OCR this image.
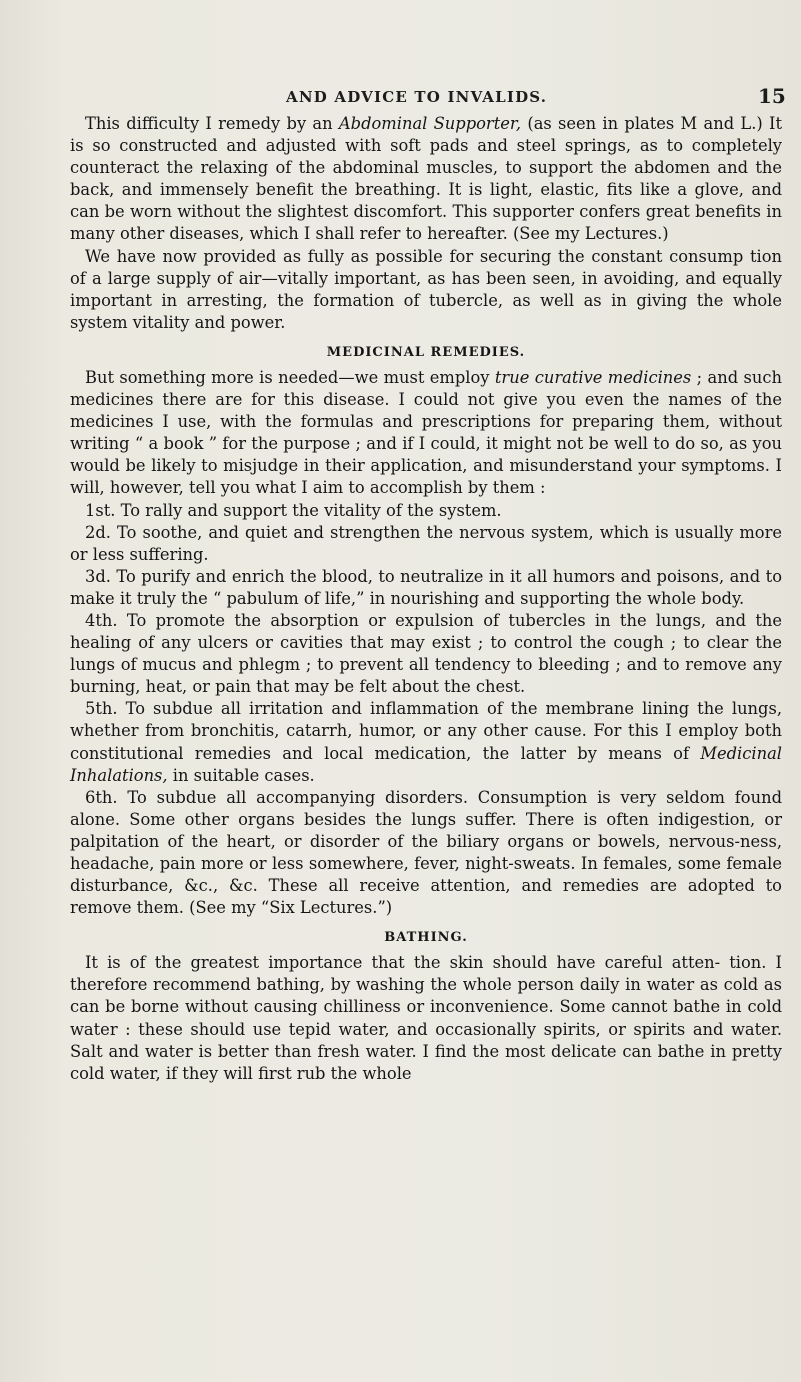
AND ADVICE TO INVALIDS.	15

This difficulty I remedy by an Abdominal Supporter, (as seen in plates M and L.) It is so constructed and adjusted with soft pads and steel springs, as to completely counteract the relaxing of the abdominal muscles, to support the abdomen and the back, and immensely benefit the breathing. It is light, elastic, fits like a glove, and can be worn without the slightest discomfort. This supporter confers great benefits in many other diseases, which I shall refer to hereafter. (See my Lectures.)

We have now provided as fully as possible for securing the constant consump tion of a large supply of air—vitally important, as has been seen, in avoiding, and equally important in arresting, the formation of tubercle, as well as in giving the whole system vitality and power.

MEDICINAL REMEDIES.

But something more is needed—we must employ true curative medicines ; and such medicines there are for this disease. I could not give you even the names of the medicines I use, with the formulas and prescriptions for preparing them, without writing “ a book ” for the purpose ; and if I could, it might not be well to do so, as you would be likely to misjudge in their application, and misunderstand your symptoms. I will, however, tell you what I aim to accomplish by them :

1st. To rally and support the vitality of the system.

2d. To soothe, and quiet and strengthen the nervous system, which is usually more or less suffering.

3d. To purify and enrich the blood, to neutralize in it all humors and poisons, and to make it truly the “ pabulum of life,” in nourishing and supporting the whole body.

4th. To promote the absorption or expulsion of tubercles in the lungs, and the healing of any ulcers or cavities that may exist ; to control the cough ; to clear the lungs of mucus and phlegm ; to prevent all tendency to bleeding ; and to remove any burning, heat, or pain that may be felt about the chest.

5th. To subdue all irritation and inflammation of the membrane lining the lungs, whether from bronchitis, catarrh, humor, or any other cause. For this I employ both constitutional remedies and local medication, the latter by means of Medicinal Inhalations, in suitable cases.

6th. To subdue all accompanying disorders. Consumption is very seldom found alone. Some other organs besides the lungs suffer. There is often indigestion, or palpitation of the heart, or disorder of the biliary organs or bowels, nervous-ness, headache, pain more or less somewhere, fever, night-sweats. In females, some female disturbance, &c., &c. These all receive attention, and remedies are adopted to remove them. (See my “Six Lectures.”)

BATHING.

It is of the greatest importance that the skin should have careful atten- tion. I therefore recommend bathing, by washing the whole person daily in water as cold as can be borne without causing chilliness or inconvenience. Some cannot bathe in cold water : these should use tepid water, and occasionally spirits, or spirits and water. Salt and water is better than fresh water. I find the most delicate can bathe in pretty cold water, if they will first rub the whole
